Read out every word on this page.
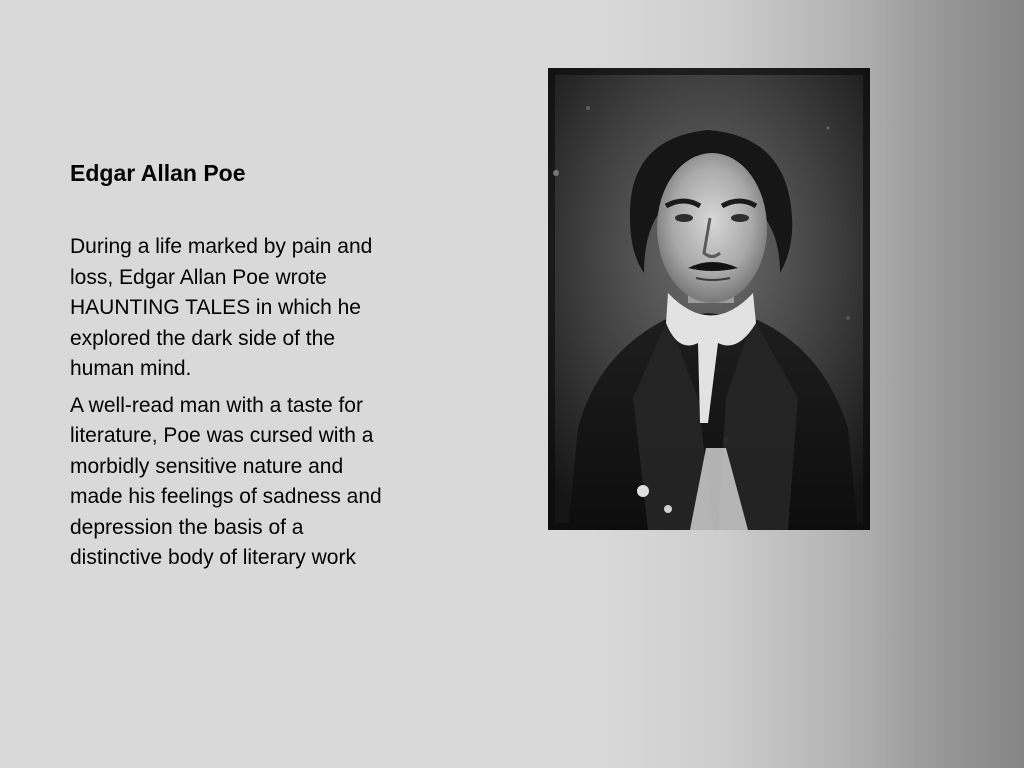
Edgar Allan Poe

During a life marked by pain and loss, Edgar Allan Poe wrote HAUNTING TALES in which he explored the dark side of the human mind.

A well-read man with a taste for literature, Poe was cursed with a morbidly sensitive nature and made his feelings of sadness and depression the basis of a distinctive body of literary work
